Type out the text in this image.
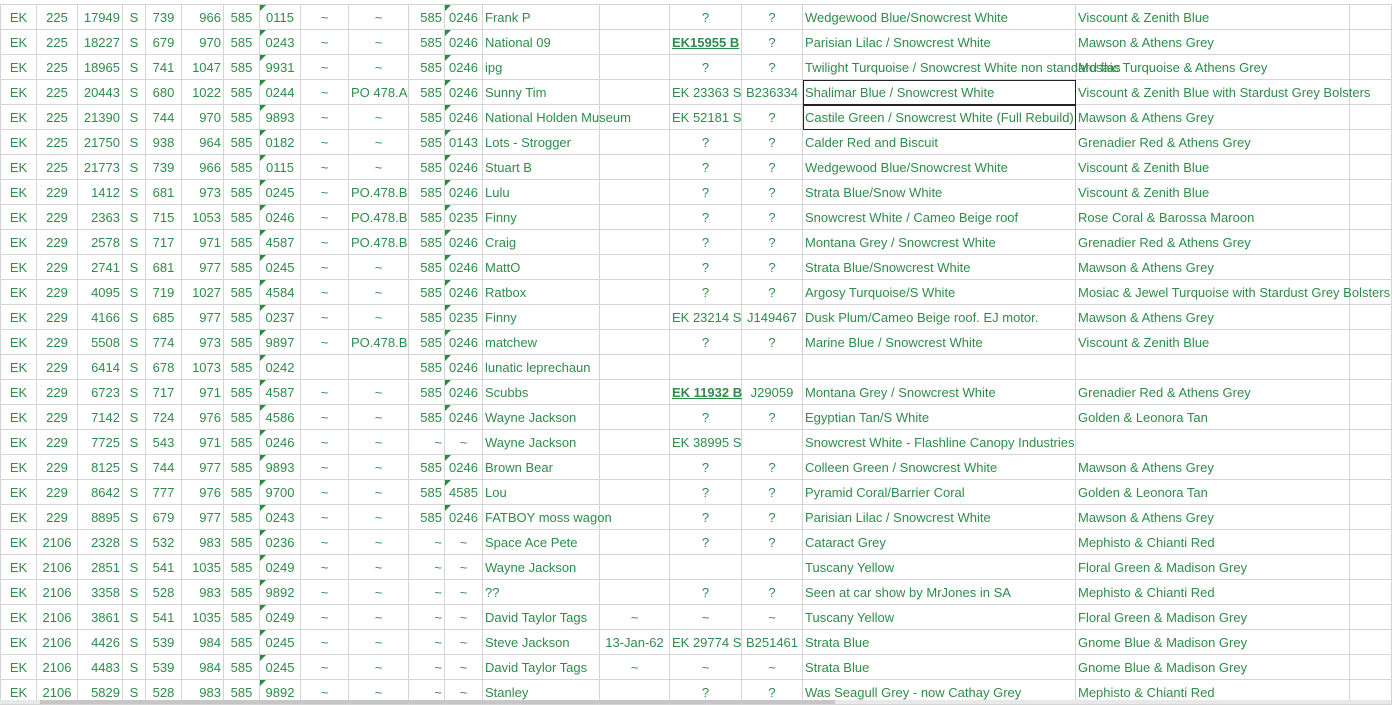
EK	225	17949	S	739	966	585	0115	~	~	585	0246	Frank P		?	?	Wedgewood Blue/Snowcrest White	Viscount & Zenith Blue	
EK	225	18227	S	679	970	585	0243	~	~	585	0246	National 09		EK15955 B	?	Parisian Lilac / Snowcrest White	Mawson & Athens Grey	
EK	225	18965	S	741	1047	585	9931	~	~	585	0246	ipg		?	?	Twilight Turquoise / Snowcrest White non standard flas	Mosaic Turquoise & Athens Grey	
EK	225	20443	S	680	1022	585	0244	~	PO 478.A	585	0246	Sunny Tim		EK 23363 S	B236334	Shalimar Blue / Snowcrest White	Viscount & Zenith Blue with Stardust Grey Bolsters	
EK	225	21390	S	744	970	585	9893	~	~	585	0246	National Holden Museum		EK 52181 S	?	Castile Green / Snowcrest White (Full Rebuild)	Mawson & Athens Grey	
EK	225	21750	S	938	964	585	0182	~	~	585	0143	Lots - Strogger		?	?	Calder Red and Biscuit	Grenadier Red & Athens Grey	
EK	225	21773	S	739	966	585	0115	~	~	585	0246	Stuart B		?	?	Wedgewood Blue/Snowcrest White	Viscount & Zenith Blue	
EK	229	1412	S	681	973	585	0245	~	PO.478.B	585	0246	Lulu		?	?	Strata Blue/Snow White	Viscount & Zenith Blue	
EK	229	2363	S	715	1053	585	0246	~	PO.478.B	585	0235	Finny		?	?	Snowcrest White / Cameo Beige roof	Rose Coral & Barossa Maroon	
EK	229	2578	S	717	971	585	4587	~	PO.478.B	585	0246	Craig		?	?	Montana Grey / Snowcrest White	Grenadier Red & Athens Grey	
EK	229	2741	S	681	977	585	0245	~	~	585	0246	MattO		?	?	Strata Blue/Snowcrest White	Mawson & Athens Grey	
EK	229	4095	S	719	1027	585	4584	~	~	585	0246	Ratbox		?	?	Argosy Turquoise/S White	Mosiac & Jewel Turquoise with Stardust Grey Bolsters	
EK	229	4166	S	685	977	585	0237	~	~	585	0235	Finny		EK 23214 S	J149467	Dusk Plum/Cameo Beige roof. EJ motor.	Mawson & Athens Grey	
EK	229	5508	S	774	973	585	9897	~	PO.478.B	585	0246	matchew		?	?	Marine Blue / Snowcrest White	Viscount & Zenith Blue	
EK	229	6414	S	678	1073	585	0242			585	0246	lunatic leprechaun						
EK	229	6723	S	717	971	585	4587	~	~	585	0246	Scubbs		EK 11932 B	J29059	Montana Grey / Snowcrest White	Grenadier Red & Athens Grey	
EK	229	7142	S	724	976	585	4586	~	~	585	0246	Wayne Jackson		?	?	Egyptian Tan/S White	Golden & Leonora Tan	
EK	229	7725	S	543	971	585	0246	~	~	~	~	Wayne Jackson		EK 38995 S		Snowcrest White - Flashline Canopy Industries		
EK	229	8125	S	744	977	585	9893	~	~	585	0246	Brown Bear		?	?	Colleen Green / Snowcrest White	Mawson & Athens Grey	
EK	229	8642	S	777	976	585	9700	~	~	585	4585	Lou		?	?	Pyramid Coral/Barrier Coral	Golden & Leonora Tan	
EK	229	8895	S	679	977	585	0243	~	~	585	0246	FATBOY moss wagon		?	?	Parisian Lilac / Snowcrest White	Mawson & Athens Grey	
EK	2106	2328	S	532	983	585	0236	~	~	~	~	Space Ace Pete		?	?	Cataract Grey	Mephisto & Chianti Red	
EK	2106	2851	S	541	1035	585	0249	~	~	~	~	Wayne Jackson				Tuscany Yellow	Floral Green & Madison Grey	
EK	2106	3358	S	528	983	585	9892	~	~	~	~	??		?	?	Seen at car show by MrJones in SA	Mephisto & Chianti Red	
EK	2106	3861	S	541	1035	585	0249	~	~	~	~	David Taylor Tags	~	~	~	Tuscany Yellow	Floral Green & Madison Grey	
EK	2106	4426	S	539	984	585	0245	~	~	~	~	Steve Jackson	13-Jan-62	EK 29774 S	B251461	Strata Blue	Gnome Blue & Madison Grey	
EK	2106	4483	S	539	984	585	0245	~	~	~	~	David Taylor Tags	~	~	~	Strata Blue	Gnome Blue & Madison Grey	
EK	2106	5829	S	528	983	585	9892	~	~	~	~	Stanley		?	?	Was Seagull Grey - now Cathay Grey	Mephisto & Chianti Red	
